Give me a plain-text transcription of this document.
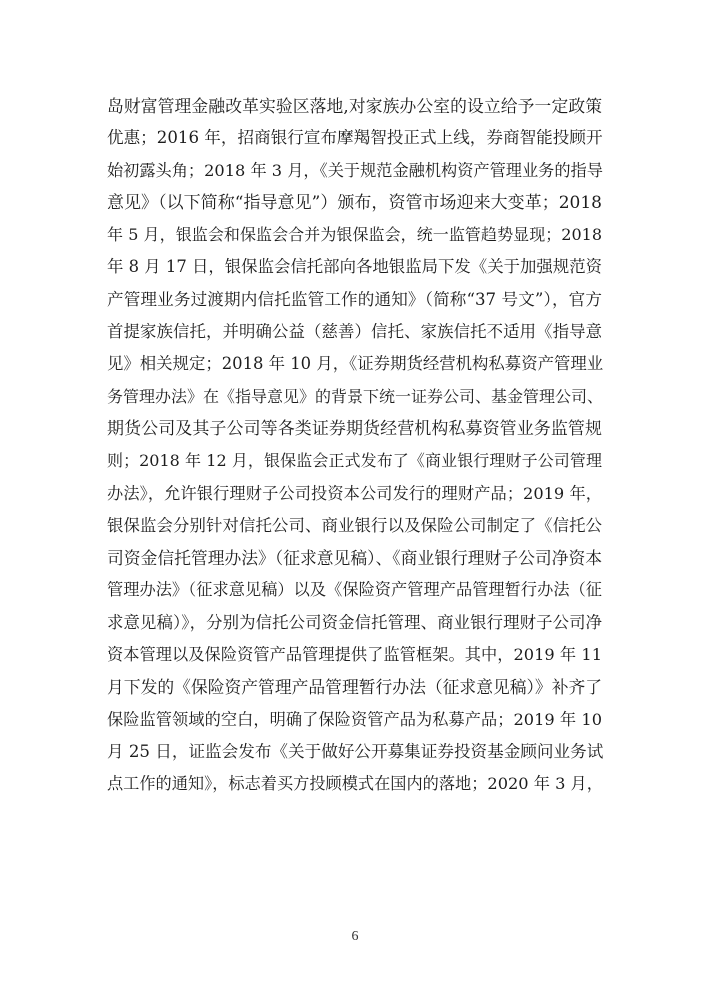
岛财富管理金融改革实验区落地,对家族办公室的设立给予一定政策
优惠；2016 年，招商银行宣布摩羯智投正式上线，券商智能投顾开
始初露头角；2018 年 3 月，《关于规范金融机构资产管理业务的指导
意见》（以下简称“指导意见”）颁布，资管市场迎来大变革；2018
年 5 月，银监会和保监会合并为银保监会，统一监管趋势显现；2018
年 8 月 17 日，银保监会信托部向各地银监局下发《关于加强规范资
产管理业务过渡期内信托监管工作的通知》（简称“37 号文”），官方
首提家族信托，并明确公益（慈善）信托、家族信托不适用《指导意
见》相关规定；2018 年 10 月，《证券期货经营机构私募资产管理业
务管理办法》在《指导意见》的背景下统一证券公司、基金管理公司、
期货公司及其子公司等各类证券期货经营机构私募资管业务监管规
则；2018 年 12 月，银保监会正式发布了《商业银行理财子公司管理
办法》，允许银行理财子公司投资本公司发行的理财产品；2019 年，
银保监会分别针对信托公司、商业银行以及保险公司制定了《信托公
司资金信托管理办法》（征求意见稿）、《商业银行理财子公司净资本
管理办法》（征求意见稿）以及《保险资产管理产品管理暂行办法（征
求意见稿）》，分别为信托公司资金信托管理、商业银行理财子公司净
资本管理以及保险资管产品管理提供了监管框架。其中，2019 年 11
月下发的《保险资产管理产品管理暂行办法（征求意见稿）》补齐了
保险监管领域的空白，明确了保险资管产品为私募产品；2019 年 10
月 25 日，证监会发布《关于做好公开募集证券投资基金顾问业务试
点工作的通知》，标志着买方投顾模式在国内的落地；2020 年 3 月，
6
